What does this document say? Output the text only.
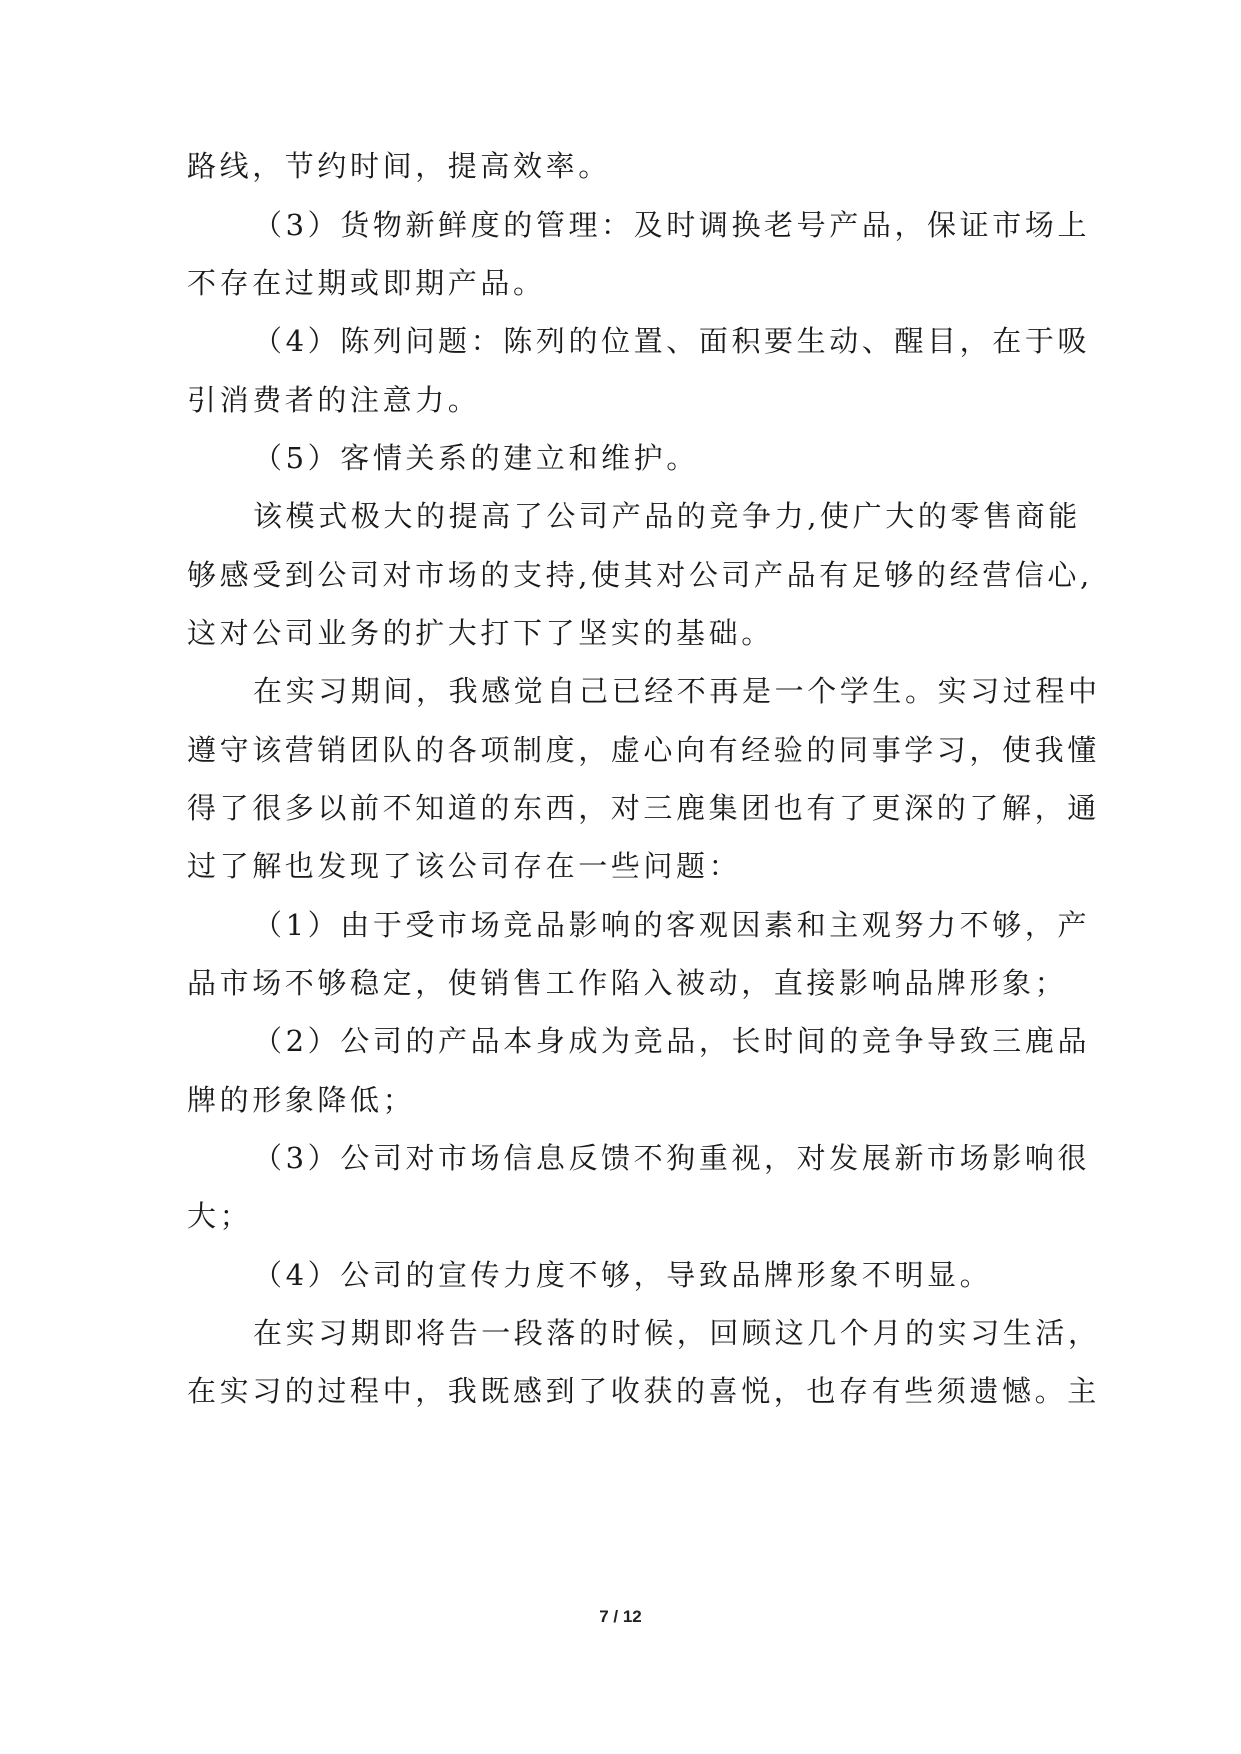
路线，节约时间，提高效率。
（3）货物新鲜度的管理：及时调换老号产品，保证市场上
不存在过期或即期产品。
（4）陈列问题：陈列的位置、面积要生动、醒目，在于吸
引消费者的注意力。
（5）客情关系的建立和维护。
该模式极大的提高了公司产品的竞争力,使广大的零售商能
够感受到公司对市场的支持,使其对公司产品有足够的经营信心,
这对公司业务的扩大打下了坚实的基础。
在实习期间，我感觉自己已经不再是一个学生。实习过程中
遵守该营销团队的各项制度，虚心向有经验的同事学习，使我懂
得了很多以前不知道的东西，对三鹿集团也有了更深的了解，通
过了解也发现了该公司存在一些问题：
（1）由于受市场竞品影响的客观因素和主观努力不够，产
品市场不够稳定，使销售工作陷入被动，直接影响品牌形象；
（2）公司的产品本身成为竞品，长时间的竞争导致三鹿品
牌的形象降低；
（3）公司对市场信息反馈不狗重视，对发展新市场影响很
大；
（4）公司的宣传力度不够，导致品牌形象不明显。
在实习期即将告一段落的时候，回顾这几个月的实习生活，
在实习的过程中，我既感到了收获的喜悦，也存有些须遗憾。主
7 / 12
